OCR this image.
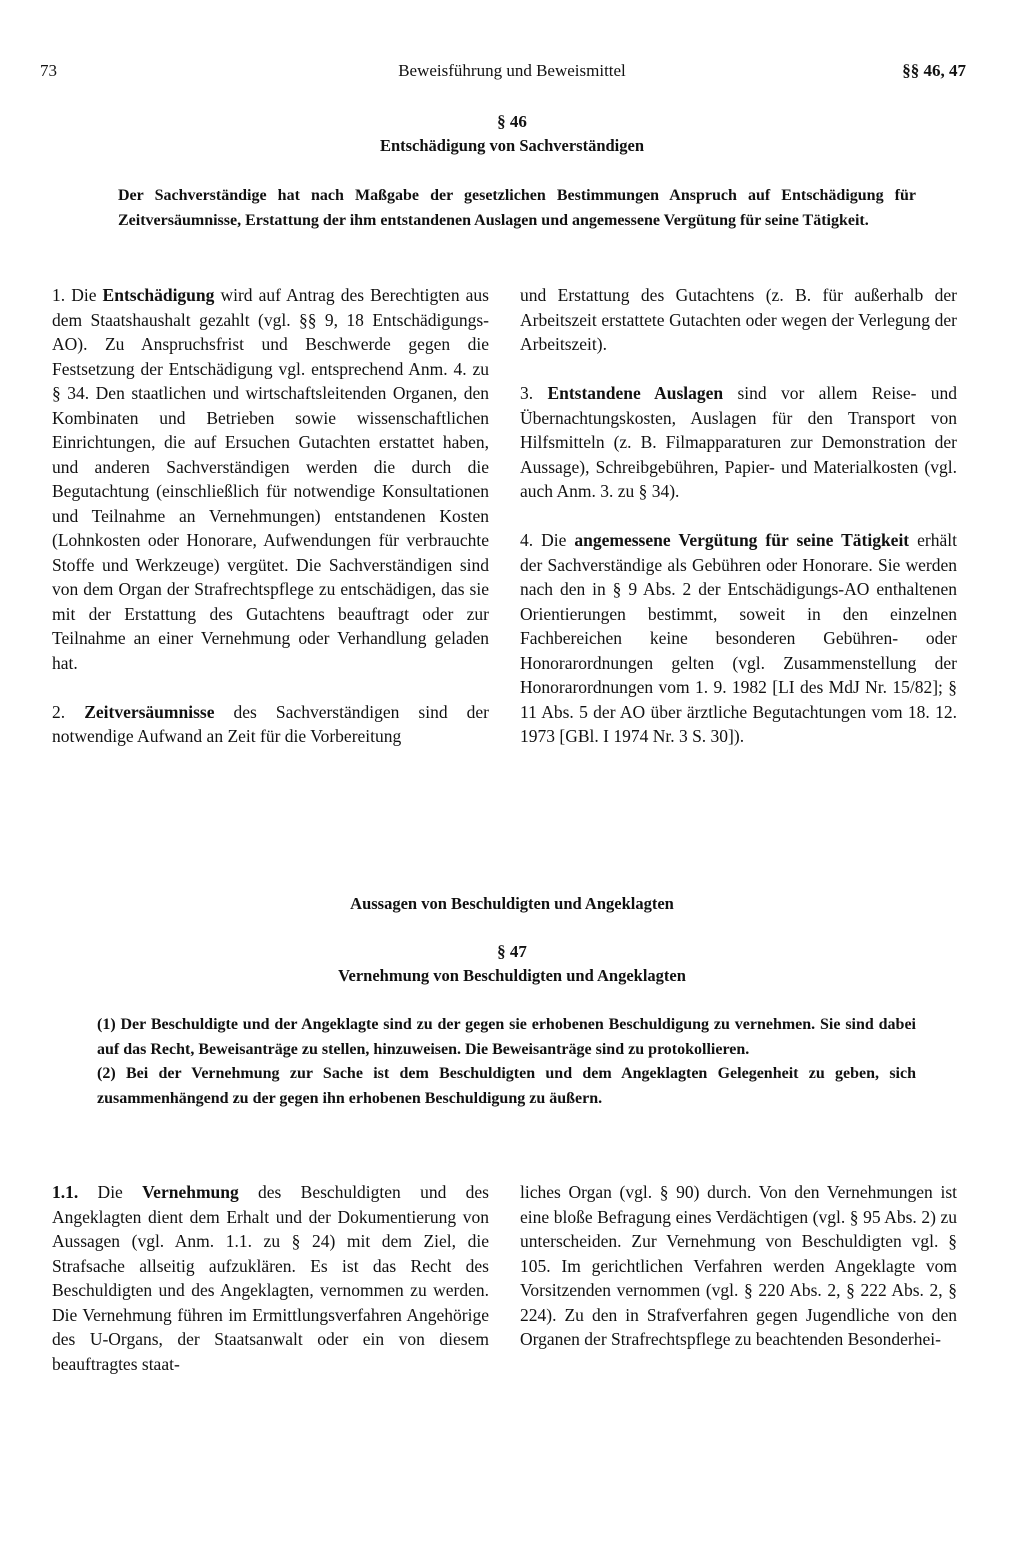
73	Beweisführung und Beweismittel	§§ 46, 47
§ 46
Entschädigung von Sachverständigen

Der Sachverständige hat nach Maßgabe der gesetzlichen Bestimmungen Anspruch auf Entschädigung für Zeitversäumnisse, Erstattung der ihm entstandenen Auslagen und angemessene Vergütung für seine Tätigkeit.

1. Die Entschädigung wird auf Antrag des Berechtigten aus dem Staatshaushalt gezahlt (vgl. §§ 9, 18 Entschädigungs-AO). Zu Anspruchsfrist und Beschwerde gegen die Festsetzung der Entschädigung vgl. entsprechend Anm. 4. zu § 34. Den staatlichen und wirtschaftsleitenden Organen, den Kombinaten und Betrieben sowie wissenschaftlichen Einrichtungen, die auf Ersuchen Gutachten erstattet haben, und anderen Sachverständigen werden die durch die Begutachtung (einschließlich für notwendige Konsultationen und Teilnahme an Vernehmungen) entstandenen Kosten (Lohnkosten oder Honorare, Aufwendungen für verbrauchte Stoffe und Werkzeuge) vergütet. Die Sachverständigen sind von dem Organ der Strafrechtspflege zu entschädigen, das sie mit der Erstattung des Gutachtens beauftragt oder zur Teilnahme an einer Vernehmung oder Verhandlung geladen hat.

2. Zeitversäumnisse des Sachverständigen sind der notwendige Aufwand an Zeit für die Vorbereitung

und Erstattung des Gutachtens (z. B. für außerhalb der Arbeitszeit erstattete Gutachten oder wegen der Verlegung der Arbeitszeit).

3. Entstandene Auslagen sind vor allem Reise- und Übernachtungskosten, Auslagen für den Transport von Hilfsmitteln (z. B. Filmapparaturen zur Demonstration der Aussage), Schreibgebühren, Papier- und Materialkosten (vgl. auch Anm. 3. zu § 34).

4. Die angemessene Vergütung für seine Tätigkeit erhält der Sachverständige als Gebühren oder Honorare. Sie werden nach den in § 9 Abs. 2 der Entschädigungs-AO enthaltenen Orientierungen bestimmt, soweit in den einzelnen Fachbereichen keine besonderen Gebühren- oder Honorarordnungen gelten (vgl. Zusammenstellung der Honorarordnungen vom 1. 9. 1982 [LI des MdJ Nr. 15/82]; § 11 Abs. 5 der AO über ärztliche Begutachtungen vom 18. 12. 1973 [GBl. I 1974 Nr. 3 S. 30]).

Aussagen von Beschuldigten und Angeklagten
§ 47
Vernehmung von Beschuldigten und Angeklagten

(1) Der Beschuldigte und der Angeklagte sind zu der gegen sie erhobenen Beschuldigung zu vernehmen. Sie sind dabei auf das Recht, Beweisanträge zu stellen, hinzuweisen. Die Beweisanträge sind zu protokollieren.

(2) Bei der Vernehmung zur Sache ist dem Beschuldigten und dem Angeklagten Gelegenheit zu geben, sich zusammenhängend zu der gegen ihn erhobenen Beschuldigung zu äußern.

1.1. Die Vernehmung des Beschuldigten und des Angeklagten dient dem Erhalt und der Dokumentierung von Aussagen (vgl. Anm. 1.1. zu § 24) mit dem Ziel, die Strafsache allseitig aufzuklären. Es ist das Recht des Beschuldigten und des Angeklagten, vernommen zu werden. Die Vernehmung führen im Ermittlungsverfahren Angehörige des U-Organs, der Staatsanwalt oder ein von diesem beauftragtes staat-

liches Organ (vgl. § 90) durch. Von den Vernehmungen ist eine bloße Befragung eines Verdächtigen (vgl. § 95 Abs. 2) zu unterscheiden. Zur Vernehmung von Beschuldigten vgl. § 105. Im gerichtlichen Verfahren werden Angeklagte vom Vorsitzenden vernommen (vgl. § 220 Abs. 2, § 222 Abs. 2, § 224). Zu den in Strafverfahren gegen Jugendliche von den Organen der Strafrechtspflege zu beachtenden Besonderhei-
